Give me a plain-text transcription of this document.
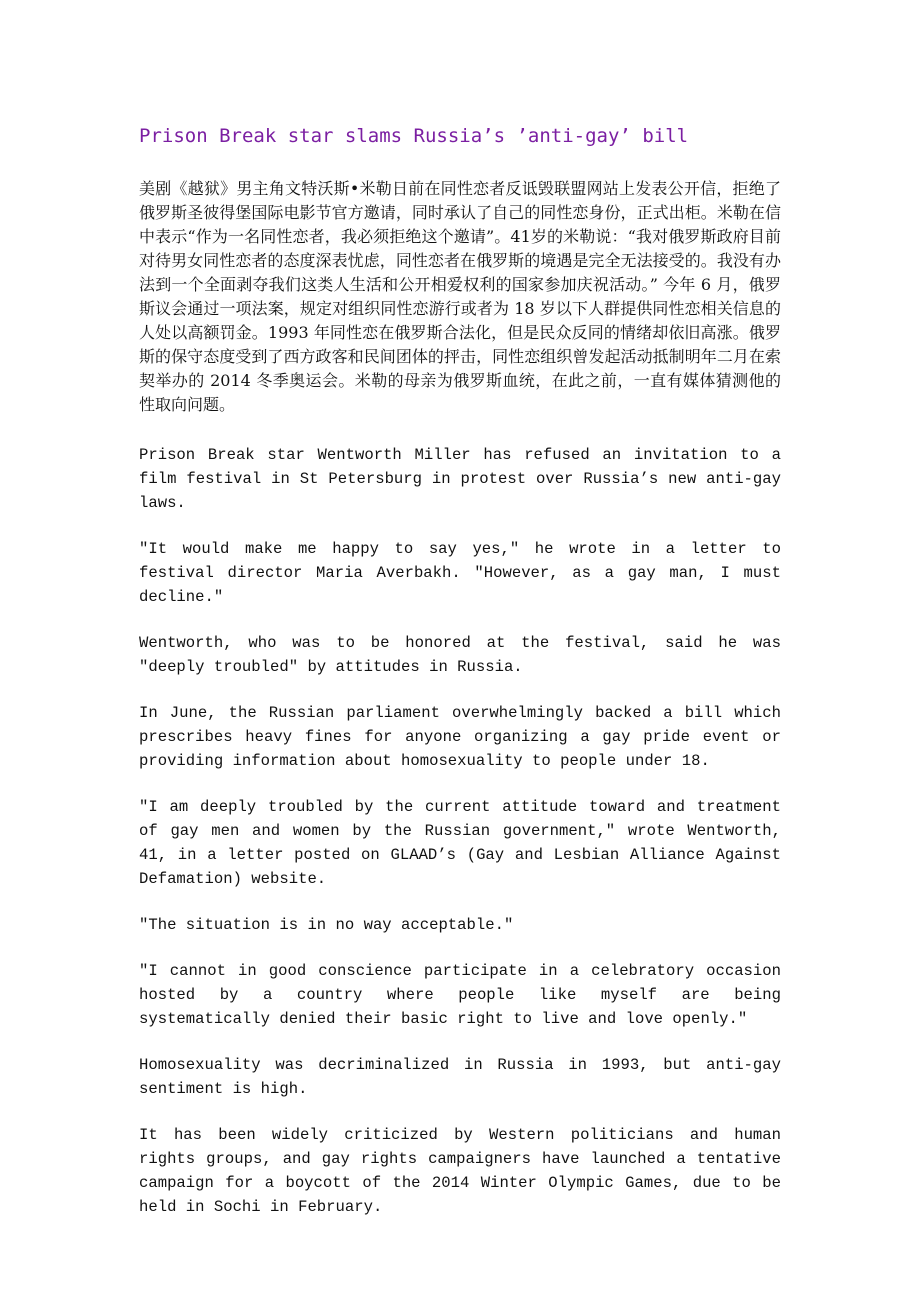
Prison Break star slams Russia’s ’anti-gay’ bill

美剧《越狱》男主角文特沃斯•米勒日前在同性恋者反诋毁联盟网站上发表公开信，拒绝了俄罗斯圣彼得堡国际电影节官方邀请，同时承认了自己的同性恋身份，正式出柜。米勒在信中表示“作为一名同性恋者，我必须拒绝这个邀请”。41岁的米勒说：“我对俄罗斯政府目前对待男女同性恋者的态度深表忧虑，同性恋者在俄罗斯的境遇是完全无法接受的。我没有办法到一个全面剥夺我们这类人生活和公开相爱权利的国家参加庆祝活动。” 今年 6 月，俄罗斯议会通过一项法案，规定对组织同性恋游行或者为 18 岁以下人群提供同性恋相关信息的人处以高额罚金。1993 年同性恋在俄罗斯合法化，但是民众反同的情绪却依旧高涨。俄罗斯的保守态度受到了西方政客和民间团体的抨击，同性恋组织曾发起活动抵制明年二月在索契举办的 2014 冬季奥运会。米勒的母亲为俄罗斯血统，在此之前，一直有媒体猜测他的性取向问题。

Prison Break star Wentworth Miller has refused an invitation to a film festival in St Petersburg in protest over Russia’s new anti-gay laws.

"It would make me happy to say yes," he wrote in a letter to festival director Maria Averbakh. "However, as a gay man, I must decline."

Wentworth, who was to be honored at the festival, said he was "deeply troubled" by attitudes in Russia.

In June, the Russian parliament overwhelmingly backed a bill which prescribes heavy fines for anyone organizing a gay pride event or providing information about homosexuality to people under 18.

"I am deeply troubled by the current attitude toward and treatment of gay men and women by the Russian government," wrote Wentworth, 41, in a letter posted on GLAAD’s (Gay and Lesbian Alliance Against Defamation) website.

"The situation is in no way acceptable."

"I cannot in good conscience participate in a celebratory occasion hosted by a country where people like myself are being systematically denied their basic right to live and love openly."

Homosexuality was decriminalized in Russia in 1993, but anti-gay sentiment is high.

It has been widely criticized by Western politicians and human rights groups, and gay rights campaigners have launched a tentative campaign for a boycott of the 2014 Winter Olympic Games, due to be held in Sochi in February.
